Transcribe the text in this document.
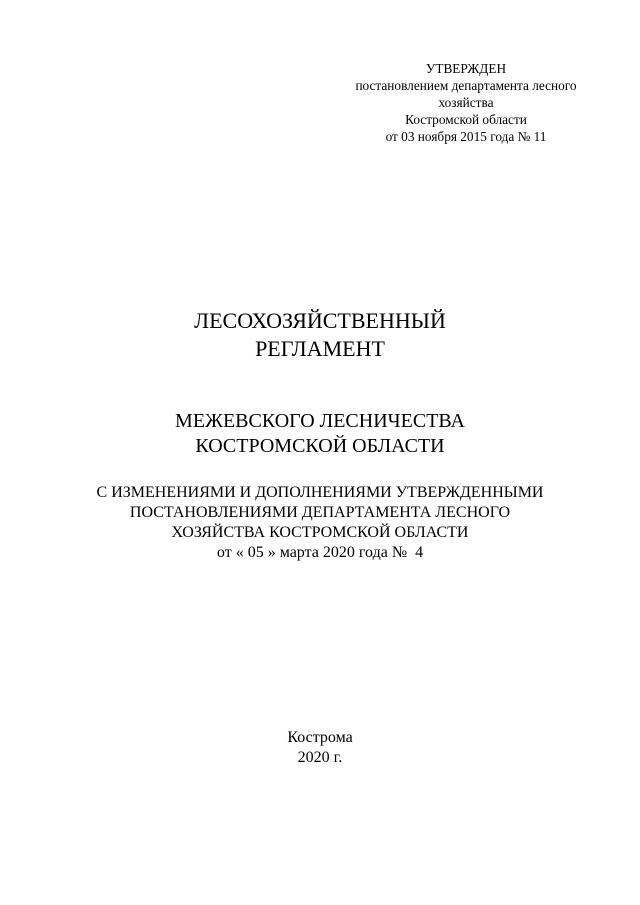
УТВЕРЖДЕН
постановлением департамента лесного
хозяйства
Костромской области
от 03 ноября 2015 года № 11
ЛЕСОХОЗЯЙСТВЕННЫЙ
РЕГЛАМЕНТ
МЕЖЕВСКОГО ЛЕСНИЧЕСТВА
КОСТРОМСКОЙ ОБЛАСТИ
С ИЗМЕНЕНИЯМИ И ДОПОЛНЕНИЯМИ УТВЕРЖДЕННЫМИ
ПОСТАНОВЛЕНИЯМИ ДЕПАРТАМЕНТА ЛЕСНОГО
ХОЗЯЙСТВА КОСТРОМСКОЙ ОБЛАСТИ
от « 05 » марта 2020 года №  4
Кострома
2020 г.
